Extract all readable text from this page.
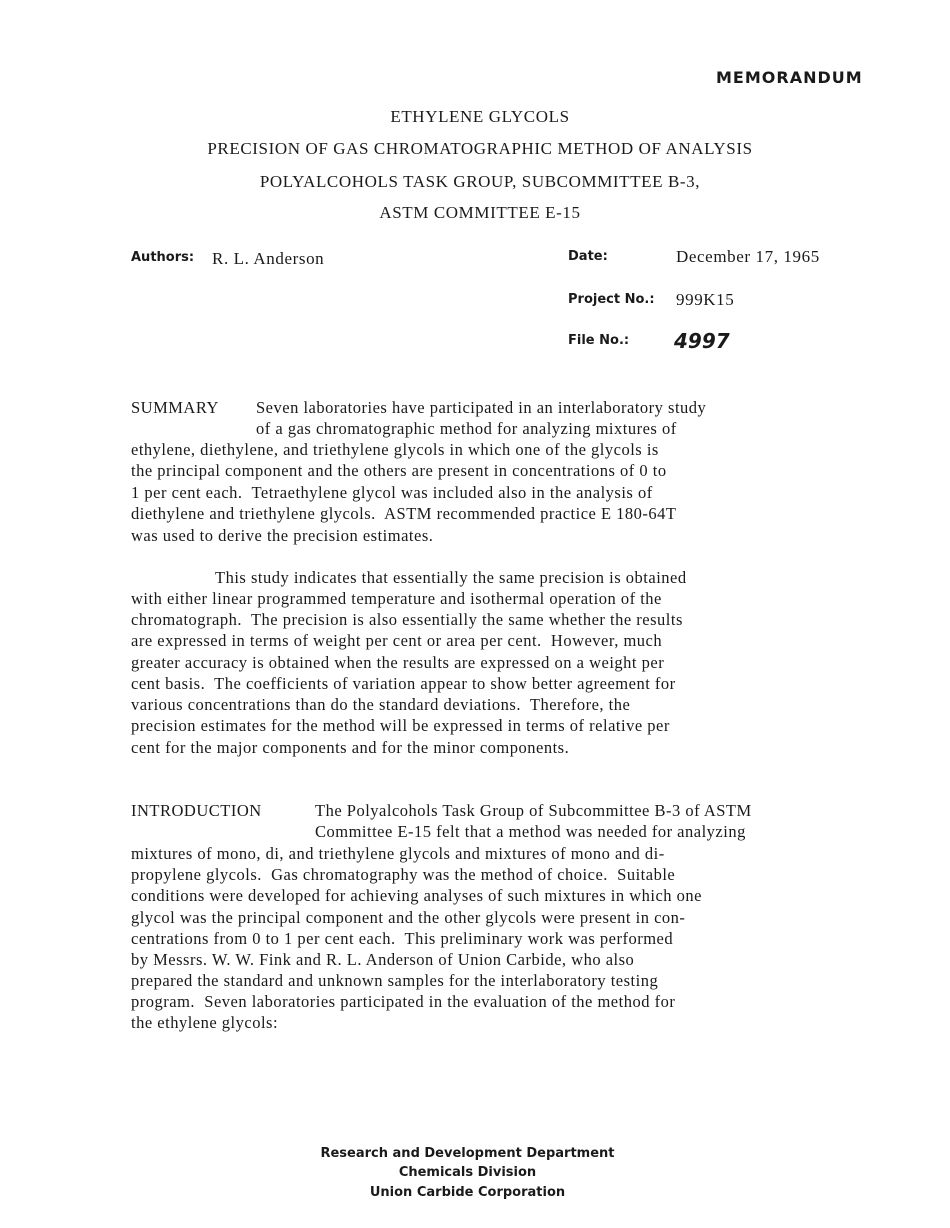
MEMORANDUM
ETHYLENE GLYCOLS
PRECISION OF GAS CHROMATOGRAPHIC METHOD OF ANALYSIS
POLYALCOHOLS TASK GROUP, SUBCOMMITTEE B-3,
ASTM COMMITTEE E-15
Authors: R. L. Anderson	Date:	December 17, 1965
Project No.: 999K15
File No.: 4997
SUMMARY Seven laboratories have participated in an interlaboratory study
of a gas chromatographic method for analyzing mixtures of
ethylene, diethylene, and triethylene glycols in which one of the glycols is
the principal component and the others are present in concentrations of 0 to
1 per cent each.  Tetraethylene glycol was included also in the analysis of
diethylene and triethylene glycols.  ASTM recommended practice E 180-64T
was used to derive the precision estimates.
This study indicates that essentially the same precision is obtained
with either linear programmed temperature and isothermal operation of the
chromatograph.  The precision is also essentially the same whether the results
are expressed in terms of weight per cent or area per cent.  However, much
greater accuracy is obtained when the results are expressed on a weight per
cent basis.  The coefficients of variation appear to show better agreement for
various concentrations than do the standard deviations.  Therefore, the
precision estimates for the method will be expressed in terms of relative per
cent for the major components and for the minor components.
INTRODUCTION	The Polyalcohols Task Group of Subcommittee B-3 of ASTM
Committee E-15 felt that a method was needed for analyzing
mixtures of mono, di, and triethylene glycols and mixtures of mono and di-
propylene glycols.  Gas chromatography was the method of choice.  Suitable
conditions were developed for achieving analyses of such mixtures in which one
glycol was the principal component and the other glycols were present in con-
centrations from 0 to 1 per cent each.  This preliminary work was performed
by Messrs. W. W. Fink and R. L. Anderson of Union Carbide, who also
prepared the standard and unknown samples for the interlaboratory testing
program.  Seven laboratories participated in the evaluation of the method for
the ethylene glycols:
Research and Development Department
Chemicals Division
Union Carbide Corporation
